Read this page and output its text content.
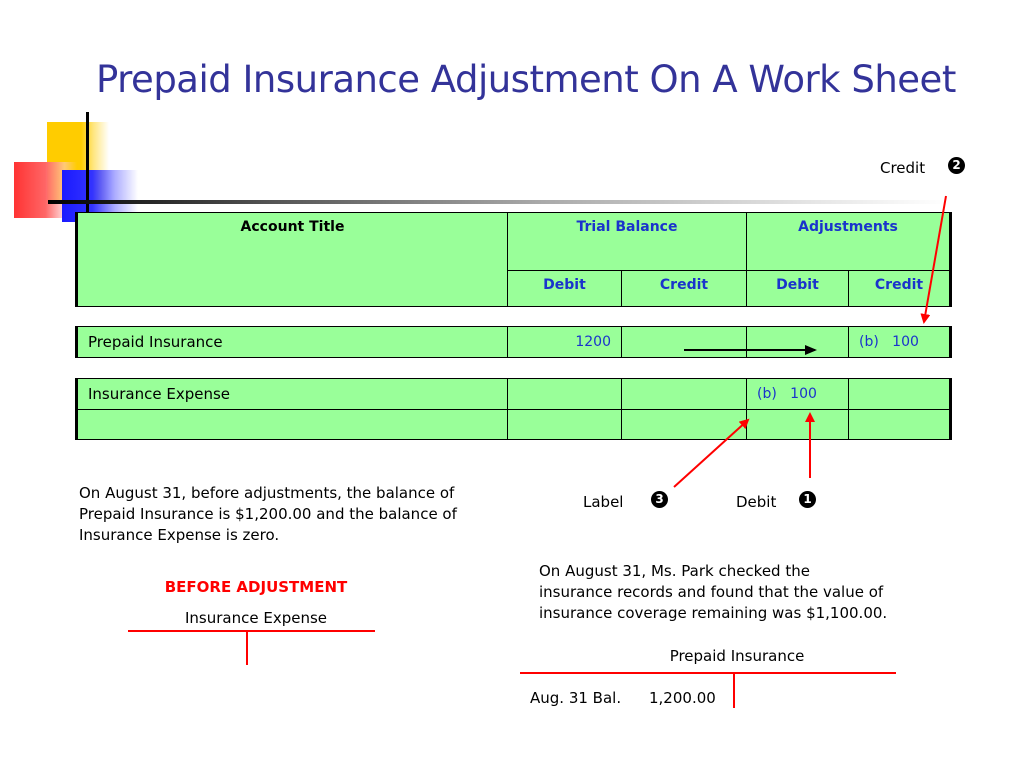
Prepaid Insurance Adjustment On A Work Sheet
Credit	2
Account Title	Trial Balance		Adjustments	
	Debit	Credit	Debit	Credit
Prepaid Insurance	1200			(b)   100
Insurance Expense			(b)   100	

Label	3	Debit	1
On August 31, before adjustments, the balance of
Prepaid Insurance is $1,200.00 and the balance of
Insurance Expense is zero.
On August 31, Ms. Park checked the
insurance records and found that the value of
insurance coverage remaining was $1,100.00.
BEFORE ADJUSTMENT
Insurance Expense
Prepaid Insurance
Aug. 31 Bal. 1,200.00
